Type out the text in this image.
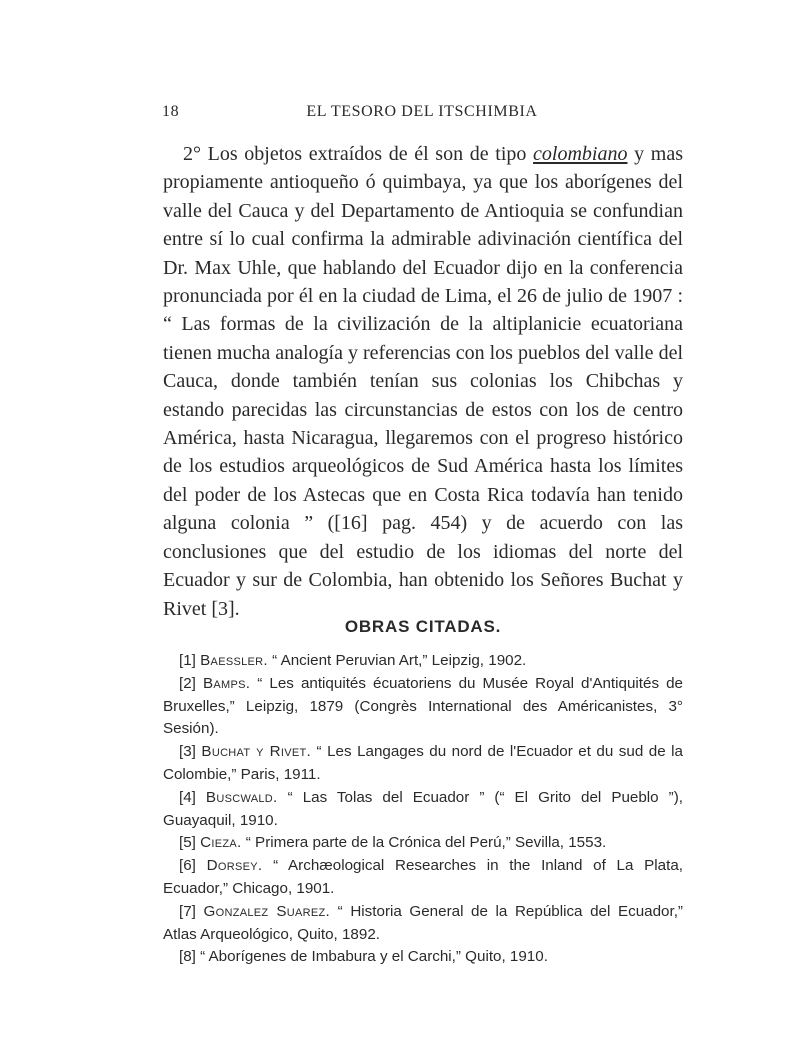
18	EL TESORO DEL ITSCHIMBIA

2° Los objetos extraídos de él son de tipo colombiano y mas propiamente antioqueño ó quimbaya, ya que los aborígenes del valle del Cauca y del Departamento de Antioquia se confundian entre sí lo cual confirma la admirable adivinación científica del Dr. Max Uhle, que hablando del Ecuador dijo en la conferencia pronunciada por él en la ciudad de Lima, el 26 de julio de 1907 : “ Las formas de la civilización de la altiplanicie ecuatoriana tienen mucha analogía y referencias con los pueblos del valle del Cauca, donde también tenían sus colonias los Chibchas y estando parecidas las circunstancias de estos con los de centro América, hasta Nicaragua, llegaremos con el progreso histórico de los estudios arqueológicos de Sud América hasta los límites del poder de los Astecas que en Costa Rica todavía han tenido alguna colonia ” ([16] pag. 454) y de acuerdo con las conclusiones que del estudio de los idiomas del norte del Ecuador y sur de Colombia, han obtenido los Señores Buchat y Rivet [3].

OBRAS CITADAS.
[1] Baessler. “ Ancient Peruvian Art,” Leipzig, 1902.
[2] Bamps. “ Les antiquités écuatoriens du Musée Royal d'Antiquités de Bruxelles,” Leipzig, 1879 (Congrès International des Américanistes, 3° Sesión).
[3] Buchat y Rivet. “ Les Langages du nord de l'Ecuador et du sud de la Colombie,” Paris, 1911.
[4] Buscwald. “ Las Tolas del Ecuador ” (“ El Grito del Pueblo ”), Guayaquil, 1910.
[5] Cieza. “ Primera parte de la Crónica del Perú,” Sevilla, 1553.
[6] Dorsey. “ Archæological Researches in the Inland of La Plata, Ecuador,” Chicago, 1901.
[7] Gonzalez Suarez. “ Historia General de la República del Ecuador,” Atlas Arqueológico, Quito, 1892.
[8] “ Aborígenes de Imbabura y el Carchi,” Quito, 1910.
